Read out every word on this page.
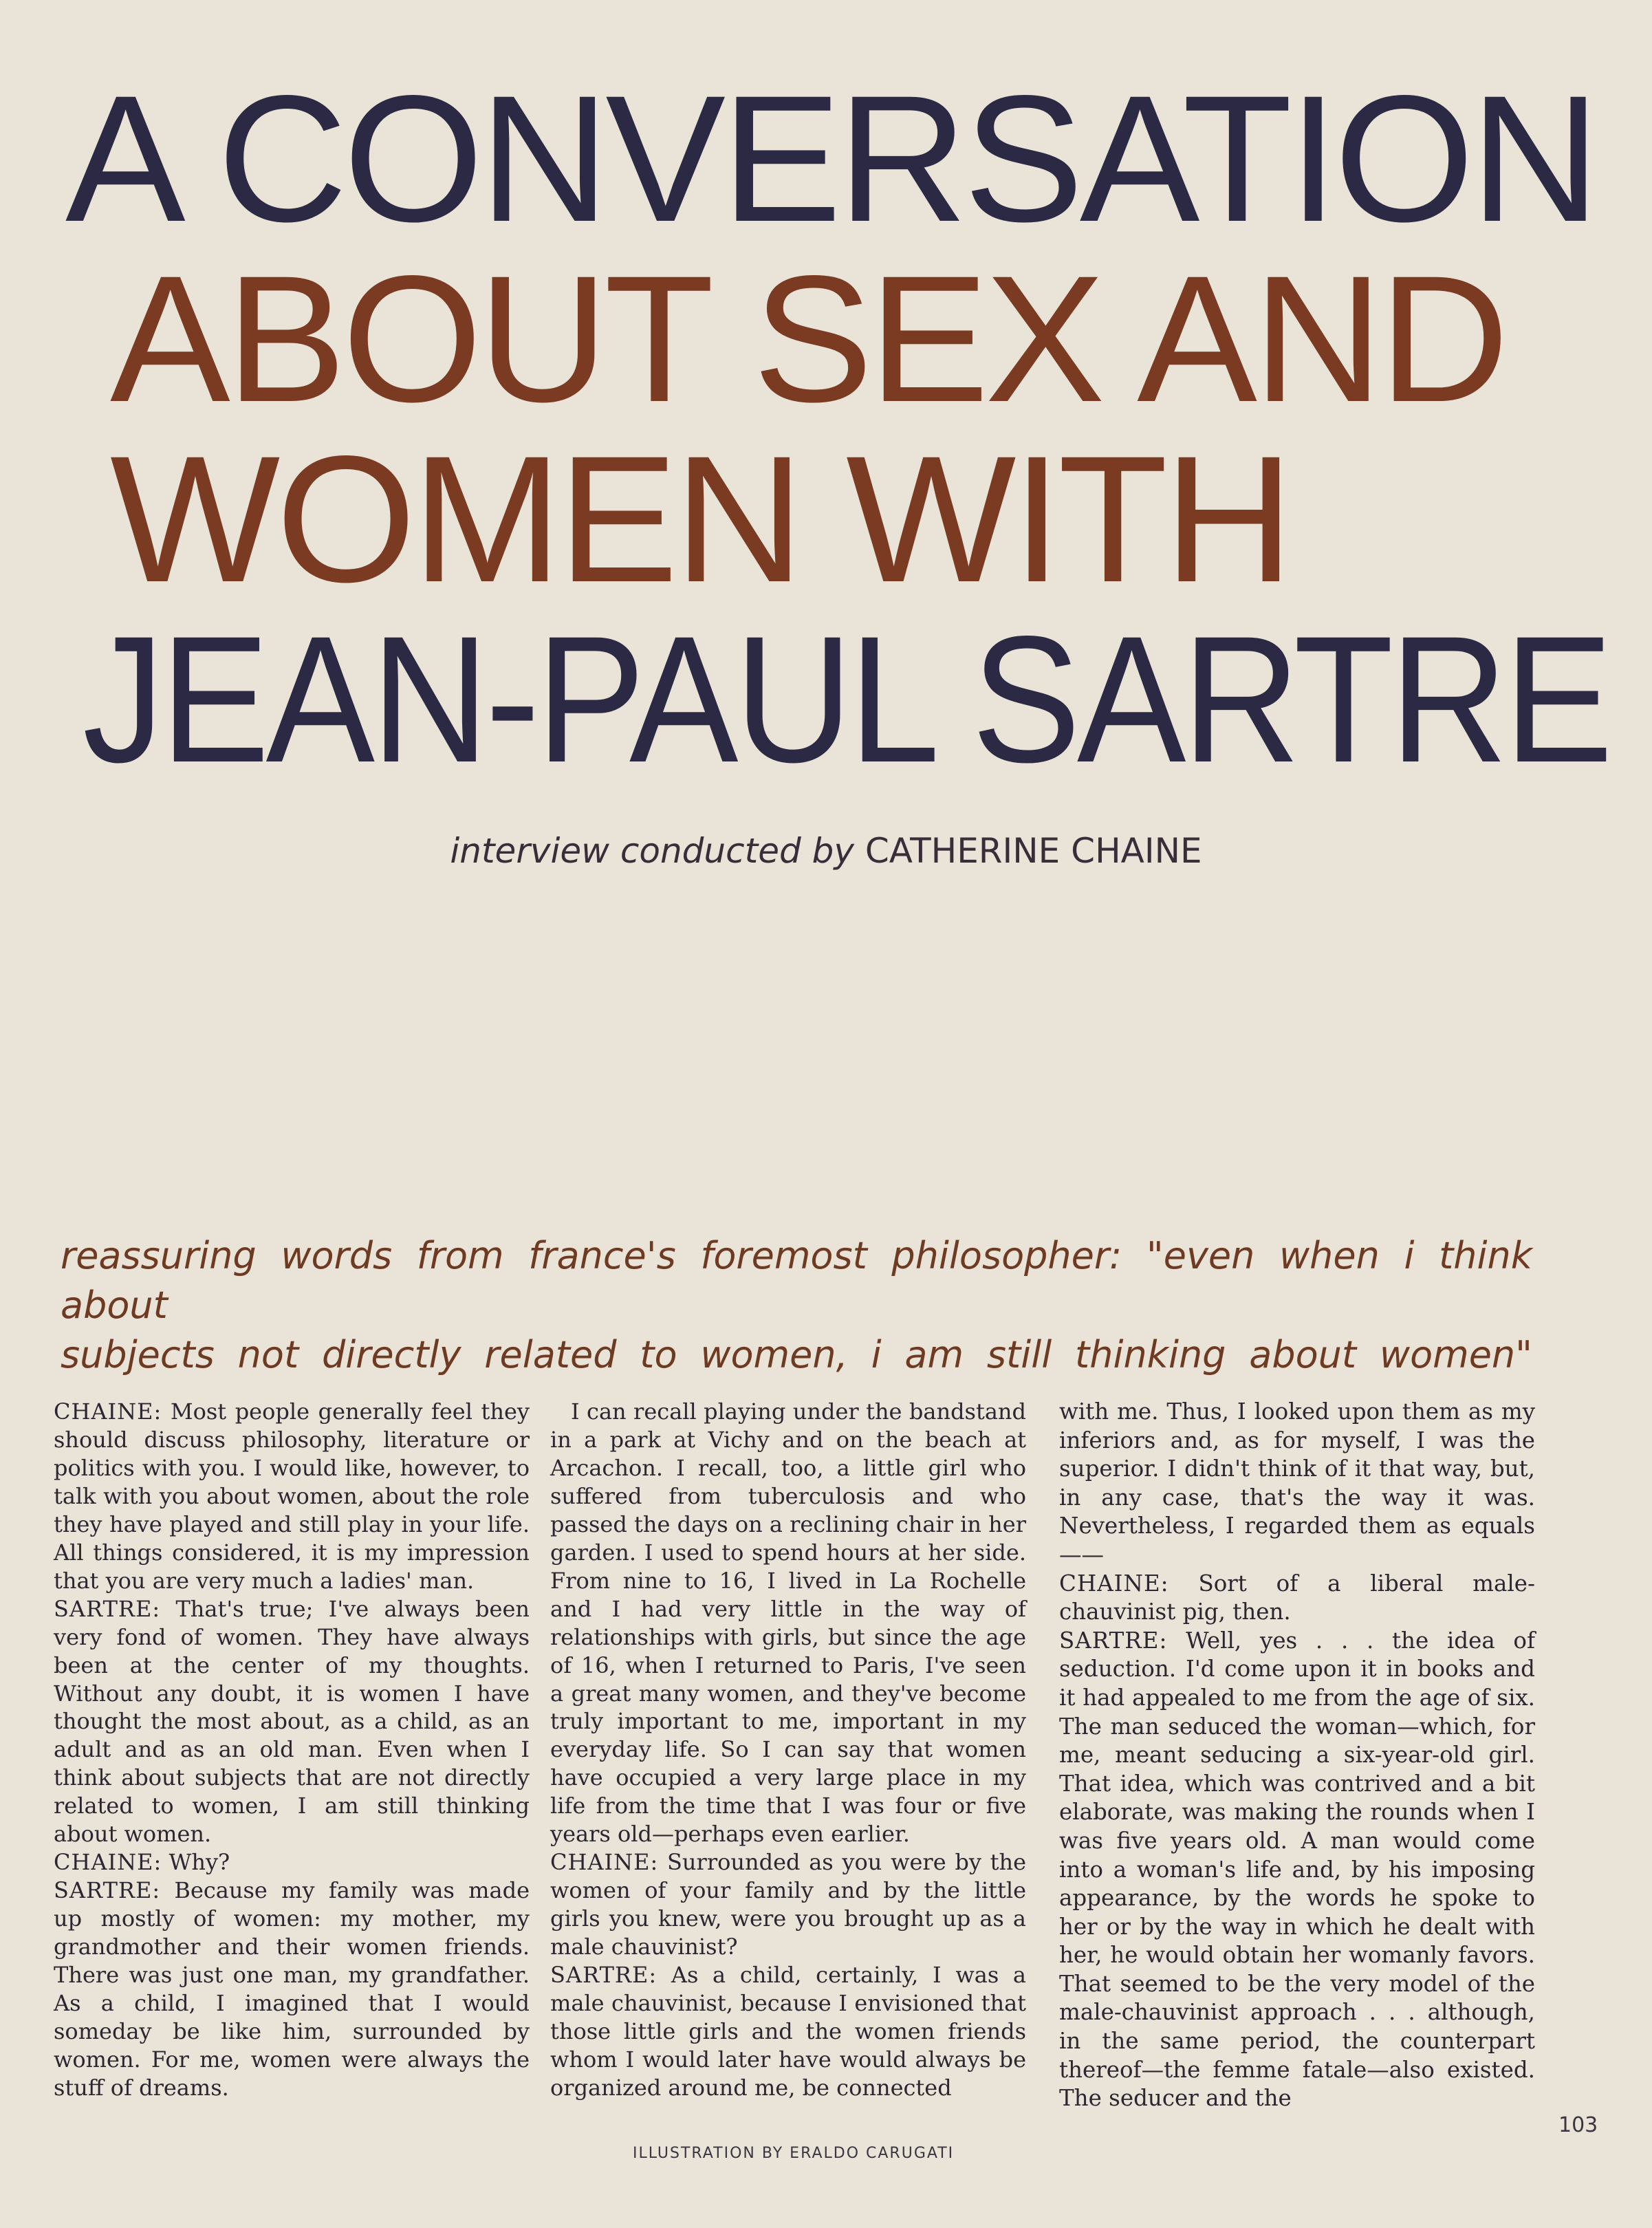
A CONVERSATION
ABOUT SEX AND
WOMEN WITH
JEAN-PAUL SARTRE
interview conducted by CATHERINE CHAINE
reassuring words from france's foremost philosopher: "even when i think about
subjects not directly related to women, i am still thinking about women"

CHAINE: Most people generally feel they should discuss philosophy, literature or politics with you. I would like, however, to talk with you about women, about the role they have played and still play in your life. All things considered, it is my impression that you are very much a ladies' man.

SARTRE: That's true; I've always been very fond of women. They have always been at the center of my thoughts. Without any doubt, it is women I have thought the most about, as a child, as an adult and as an old man. Even when I think about subjects that are not directly related to women, I am still thinking about women.

CHAINE: Why?

SARTRE: Because my family was made up mostly of women: my mother, my grandmother and their women friends. There was just one man, my grandfather. As a child, I imagined that I would someday be like him, surrounded by women. For me, women were always the stuff of dreams.

I can recall playing under the bandstand in a park at Vichy and on the beach at Arcachon. I recall, too, a little girl who suffered from tuberculosis and who passed the days on a reclining chair in her garden. I used to spend hours at her side. From nine to 16, I lived in La Rochelle and I had very little in the way of relationships with girls, but since the age of 16, when I returned to Paris, I've seen a great many women, and they've become truly important to me, important in my everyday life. So I can say that women have occupied a very large place in my life from the time that I was four or five years old—perhaps even earlier.

CHAINE: Surrounded as you were by the women of your family and by the little girls you knew, were you brought up as a male chauvinist?

SARTRE: As a child, certainly, I was a male chauvinist, because I envisioned that those little girls and the women friends whom I would later have would always be organized around me, be connected

with me. Thus, I looked upon them as my inferiors and, as for myself, I was the superior. I didn't think of it that way, but, in any case, that's the way it was. Nevertheless, I regarded them as equals——

CHAINE: Sort of a liberal male-chauvinist pig, then.

SARTRE: Well, yes . . . the idea of seduction. I'd come upon it in books and it had appealed to me from the age of six. The man seduced the woman—which, for me, meant seducing a six-year-old girl. That idea, which was contrived and a bit elaborate, was making the rounds when I was five years old. A man would come into a woman's life and, by his imposing appearance, by the words he spoke to her or by the way in which he dealt with her, he would obtain her womanly favors. That seemed to be the very model of the male-chauvinist approach . . . although, in the same period, the counterpart thereof—the femme fatale—also existed. The seducer and the

ILLUSTRATION BY ERALDO CARUGATI
103
